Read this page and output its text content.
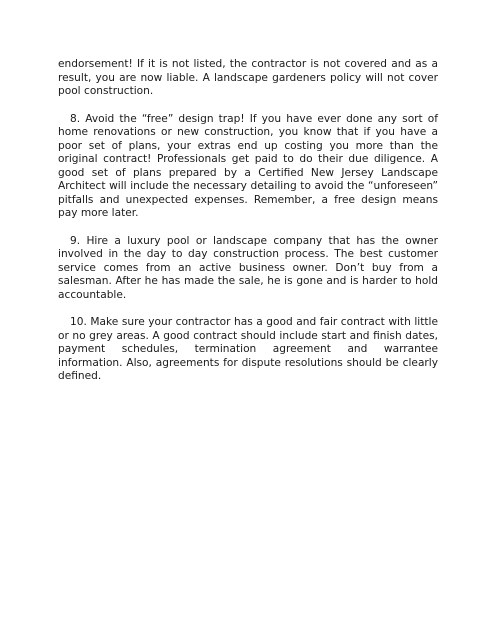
endorsement! If it is not listed, the contractor is not covered and as a result, you are now liable. A landscape gardeners policy will not cover pool construction.

8. Avoid the “free” design trap! If you have ever done any sort of home renovations or new construction, you know that if you have a poor set of plans, your extras end up costing you more than the original contract! Professionals get paid to do their due diligence. A good set of plans prepared by a Certified New Jersey Landscape Architect will include the necessary detailing to avoid the “unforeseen” pitfalls and unexpected expenses. Remember, a free design means pay more later.

9. Hire a luxury pool or landscape company that has the owner involved in the day to day construction process. The best customer service comes from an active business owner. Don’t buy from a salesman. After he has made the sale, he is gone and is harder to hold accountable.

10. Make sure your contractor has a good and fair contract with little or no grey areas. A good contract should include start and finish dates, payment schedules, termination agreement and warrantee information. Also, agreements for dispute resolutions should be clearly defined.
